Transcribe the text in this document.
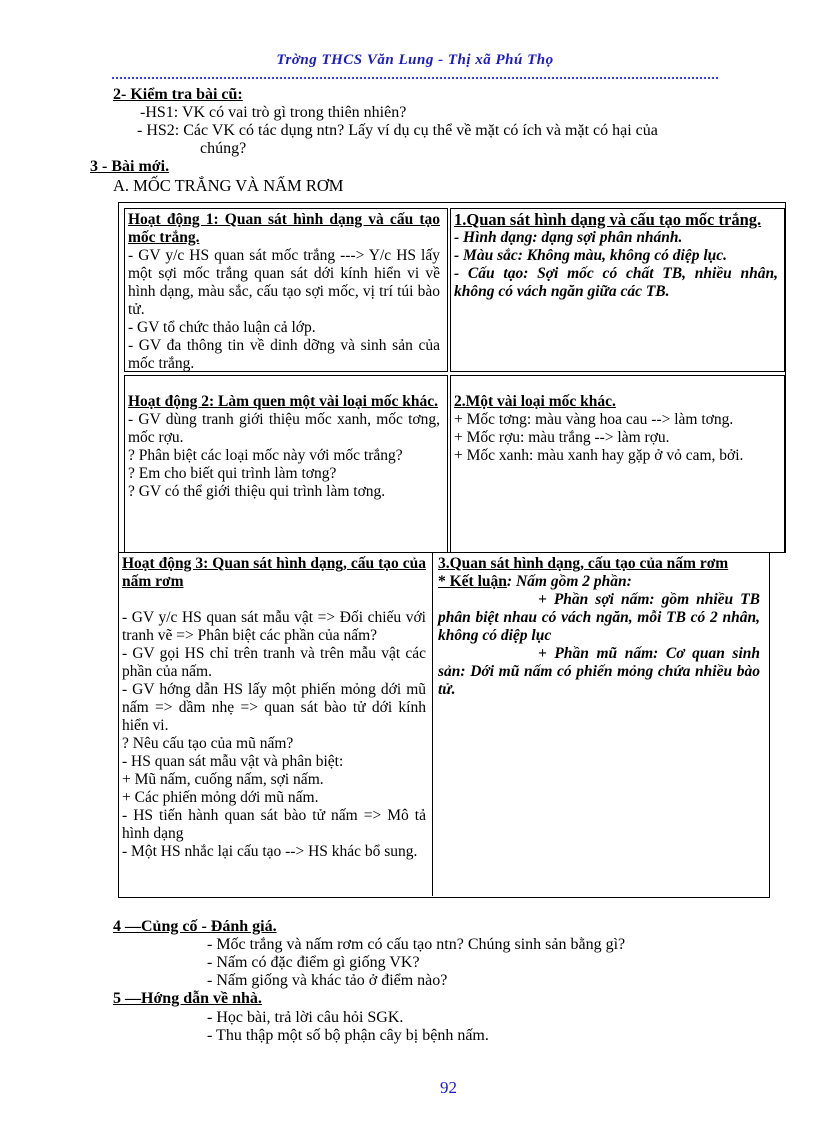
Trờng THCS Văn Lung - Thị xã Phú Thọ
2- Kiểm tra bài cũ:
-HS1: VK có vai trò gì trong thiên nhiên?
- HS2: Các VK có tác dụng ntn? Lấy ví dụ cụ thể về mặt có ích và mặt có hại của
chúng?
3 - Bài mới.
A. MỐC TRẮNG VÀ NẤM RƠM

Hoạt động 1: Quan sát hình dạng và cấu tạo mốc trắng.

- GV y/c HS quan sát mốc trắng ---> Y/c HS lấy một sợi mốc trắng quan sát dới kính hiển vi về hình dạng, màu sắc, cấu tạo sợi mốc, vị trí túi bào tử.

- GV tổ chức thảo luận cả lớp.

- GV đa thông tin về dinh dỡng và sinh sản của mốc trắng.

1.Quan sát hình dạng và cấu tạo mốc trắng.

- Hình dạng: dạng sợi phân nhánh.

- Màu sắc: Không màu, không có diệp lục.

- Cấu tạo: Sợi mốc có chất TB, nhiều nhân, không có vách ngăn giữa các TB.

Hoạt động 2: Làm quen một vài loại mốc khác.

- GV dùng tranh giới thiệu mốc xanh, mốc tơng, mốc rợu.

? Phân biệt các loại mốc này với mốc trắng?

? Em cho biết qui trình làm tơng?

? GV có thể giới thiệu qui trình làm tơng.

2.Một vài loại mốc khác.

+ Mốc tơng: màu vàng hoa cau --> làm tơng.

+ Mốc rợu: màu trắng --> làm rợu.

+ Mốc xanh: màu xanh hay gặp ở vỏ cam, bởi.

Hoạt động 3: Quan sát hình dạng, cấu tạo của nấm rơm

- GV y/c HS quan sát mẫu vật => Đối chiếu với tranh vẽ => Phân biệt các phần của nấm?

- GV gọi HS chỉ trên tranh và trên mẫu vật các phần của nấm.

- GV hớng dẫn HS lấy một phiến mỏng dới mũ nấm => dầm nhẹ => quan sát bào tử dới kính hiển vi.

? Nêu cấu tạo của mũ nấm?

- HS quan sát mẫu vật và phân biệt:

+ Mũ nấm, cuống nấm, sợi nấm.

+ Các phiến mỏng dới mũ nấm.

- HS tiến hành quan sát bào tử nấm => Mô tả hình dạng

- Một HS nhắc lại cấu tạo --> HS khác bổ sung.

3.Quan sát hình dạng, cấu tạo của nấm rơm

* Kết luận: Nấm gồm 2 phần:

+ Phần sợi nấm: gồm nhiều TB phân biệt nhau có vách ngăn, mỗi TB có 2 nhân, không có diệp lục

+ Phần mũ nấm: Cơ quan sinh sản: Dới mũ nấm có phiến mỏng chứa nhiều bào tử.

4 —Củng cố - Đánh giá.
- Mốc trắng và nấm rơm có cấu tạo ntn? Chúng sinh sản bằng gì?
- Nấm có đặc điểm gì giống VK?
- Nấm giống và khác tảo ở điểm nào?
5 —Hớng dẫn về nhà.
- Học bài, trả lời câu hỏi SGK.
- Thu thập một số bộ phận cây bị bệnh nấm.
92
